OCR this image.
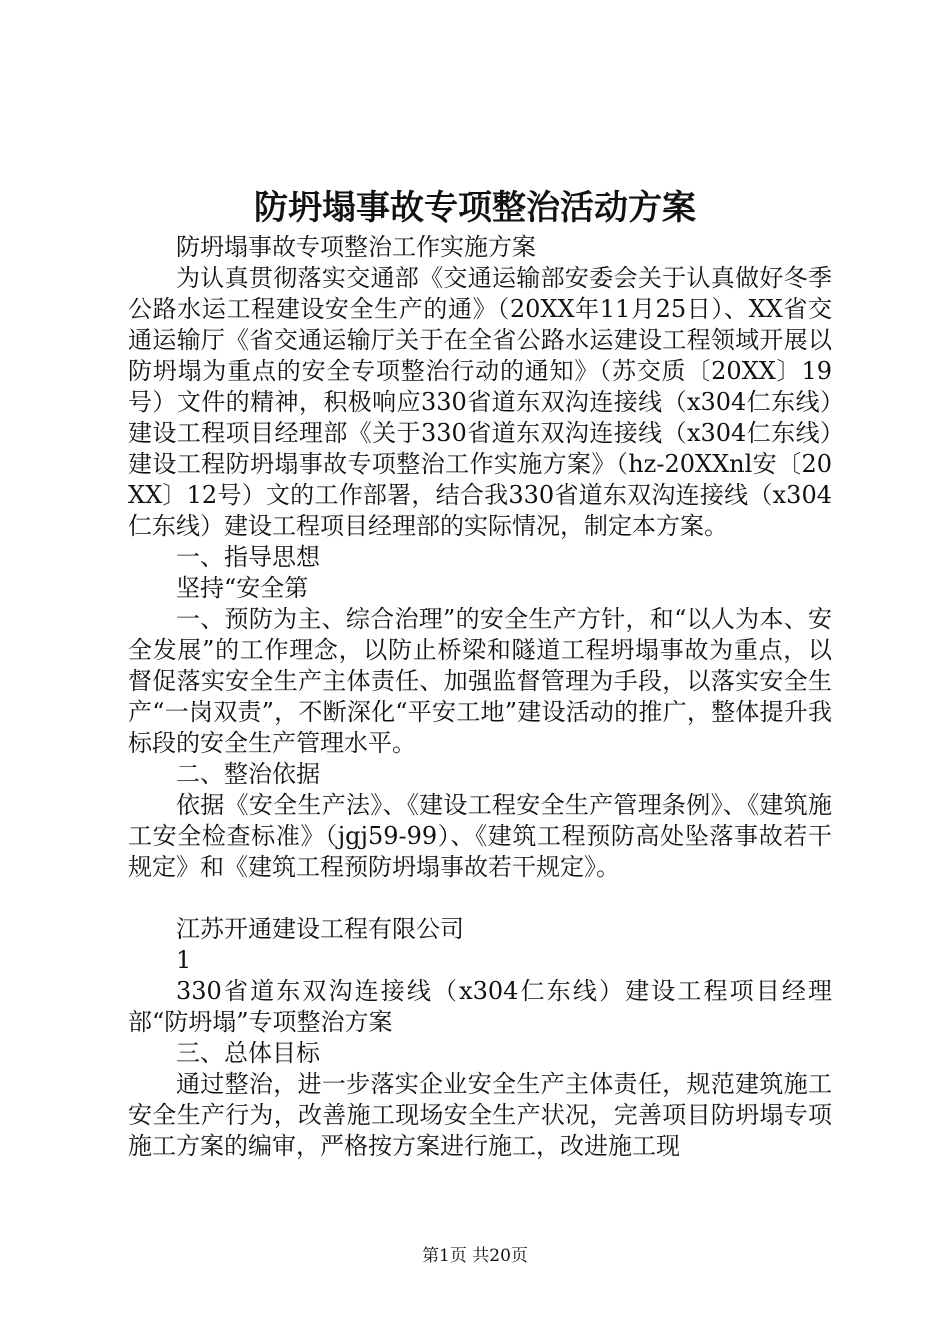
防坍塌事故专项整治活动方案

防坍塌事故专项整治工作实施方案

为认真贯彻落实交通部《交通运输部安委会关于认真做好冬季公路水运工程建设安全生产的通》（20XX年11月25日）、XX省交通运输厅《省交通运输厅关于在全省公路水运建设工程领域开展以防坍塌为重点的安全专项整治行动的通知》（苏交质〔20XX〕19号）文件的精神，积极响应330省道东双沟连接线（x304仁东线）建设工程项目经理部《关于330省道东双沟连接线（x304仁东线）建设工程防坍塌事故专项整治工作实施方案》（hz-20XXnl安〔20XX〕12号）文的工作部署，结合我330省道东双沟连接线（x304仁东线）建设工程项目经理部的实际情况，制定本方案。

一、指导思想

坚持“安全第

一、预防为主、综合治理”的安全生产方针，和“以人为本、安全发展”的工作理念，以防止桥梁和隧道工程坍塌事故为重点，以督促落实安全生产主体责任、加强监督管理为手段，以落实安全生产“一岗双责”，不断深化“平安工地”建设活动的推广，整体提升我标段的安全生产管理水平。

二、整治依据

依据《安全生产法》、《建设工程安全生产管理条例》、《建筑施工安全检查标准》（jgj59-99）、《建筑工程预防高处坠落事故若干规定》和《建筑工程预防坍塌事故若干规定》。

江苏开通建设工程有限公司

1

330省道东双沟连接线（x304仁东线）建设工程项目经理部“防坍塌”专项整治方案

三、总体目标

通过整治，进一步落实企业安全生产主体责任，规范建筑施工安全生产行为，改善施工现场安全生产状况，完善项目防坍塌专项施工方案的编审，严格按方案进行施工，改进施工现

第1页 共20页
